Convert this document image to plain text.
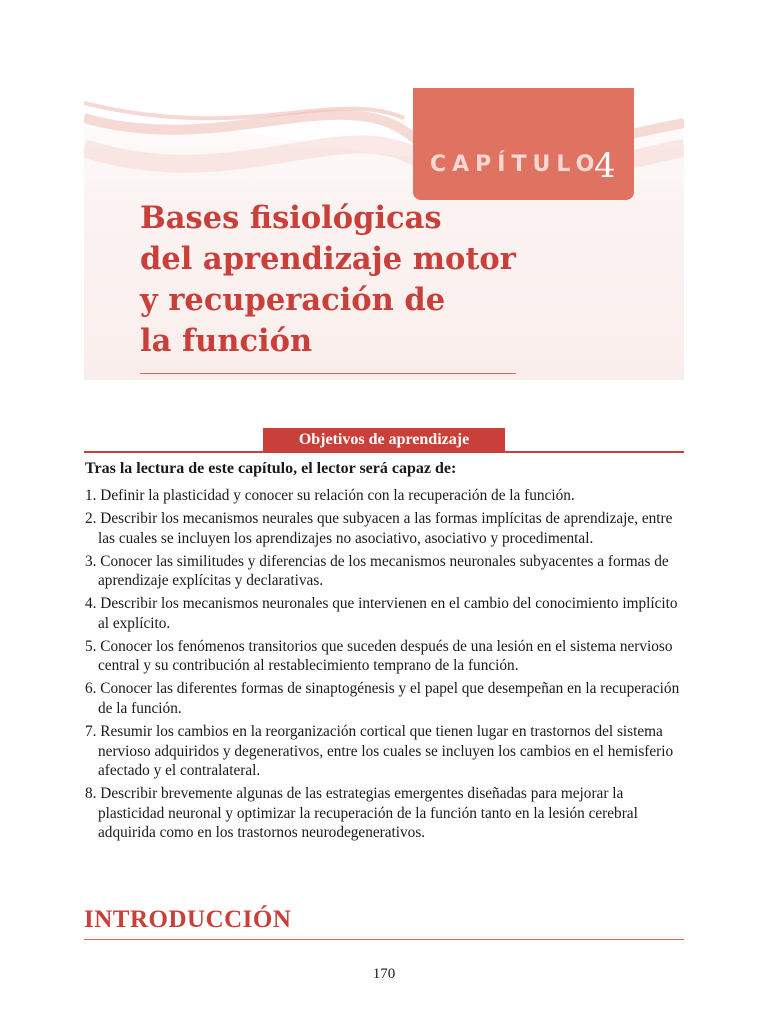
CAPÍTULO
4
Bases fisiológicas
del aprendizaje motor
y recuperación de
la función
Objetivos de aprendizaje

Tras la lectura de este capítulo, el lector será capaz de:

1. Definir la plasticidad y conocer su relación con la recuperación de la función.
2. Describir los mecanismos neurales que subyacen a las formas implícitas de aprendizaje, entre las cuales se incluyen los aprendizajes no asociativo, asociativo y procedimental.
3. Conocer las similitudes y diferencias de los mecanismos neuronales subyacentes a formas de aprendizaje explícitas y declarativas.
4. Describir los mecanismos neuronales que intervienen en el cambio del conocimiento implícito al explícito.
5. Conocer los fenómenos transitorios que suceden después de una lesión en el sistema nervioso central y su contribución al restablecimiento temprano de la función.
6. Conocer las diferentes formas de sinaptogénesis y el papel que desempeñan en la recuperación de la función.
7. Resumir los cambios en la reorganización cortical que tienen lugar en trastornos del sistema nervioso adquiridos y degenerativos, entre los cuales se incluyen los cambios en el hemisferio afectado y el contralateral.
8. Describir brevemente algunas de las estrategias emergentes diseñadas para mejorar la plasticidad neuronal y optimizar la recuperación de la función tanto en la lesión cerebral adquirida como en los trastornos neurodegenerativos.
INTRODUCCIÓN
170
